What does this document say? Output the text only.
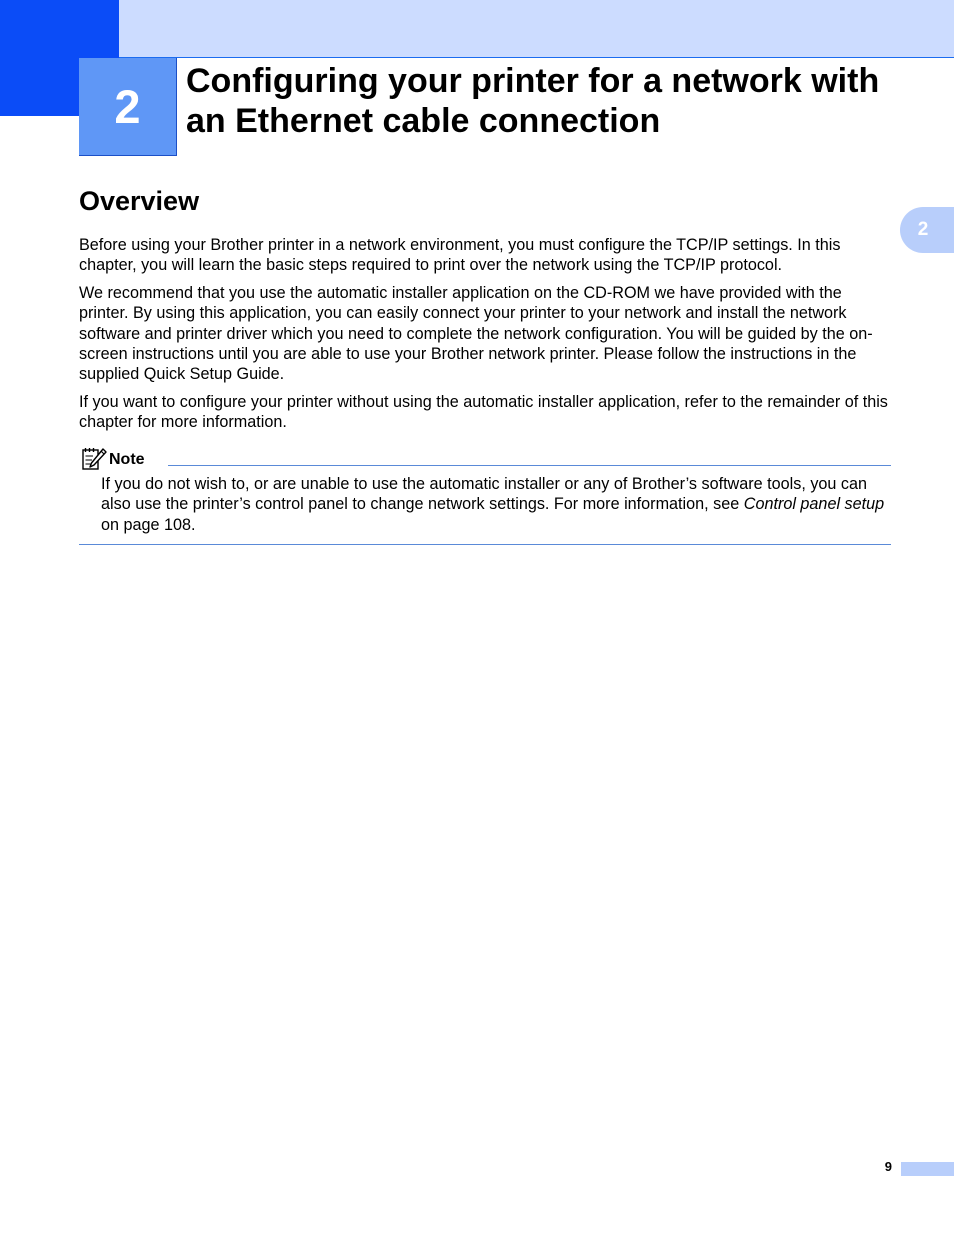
2 Configuring your printer for a network with an Ethernet cable connection
2
Overview

Before using your Brother printer in a network environment, you must configure the TCP/IP settings. In this chapter, you will learn the basic steps required to print over the network using the TCP/IP protocol.

We recommend that you use the automatic installer application on the CD-ROM we have provided with the printer. By using this application, you can easily connect your printer to your network and install the network software and printer driver which you need to complete the network configuration. You will be guided by the on-screen instructions until you are able to use your Brother network printer. Please follow the instructions in the supplied Quick Setup Guide.

If you want to configure your printer without using the automatic installer application, refer to the remainder of this chapter for more information.

Note

If you do not wish to, or are unable to use the automatic installer or any of Brother’s software tools, you can also use the printer’s control panel to change network settings. For more information, see Control panel setup on page 108.

9
